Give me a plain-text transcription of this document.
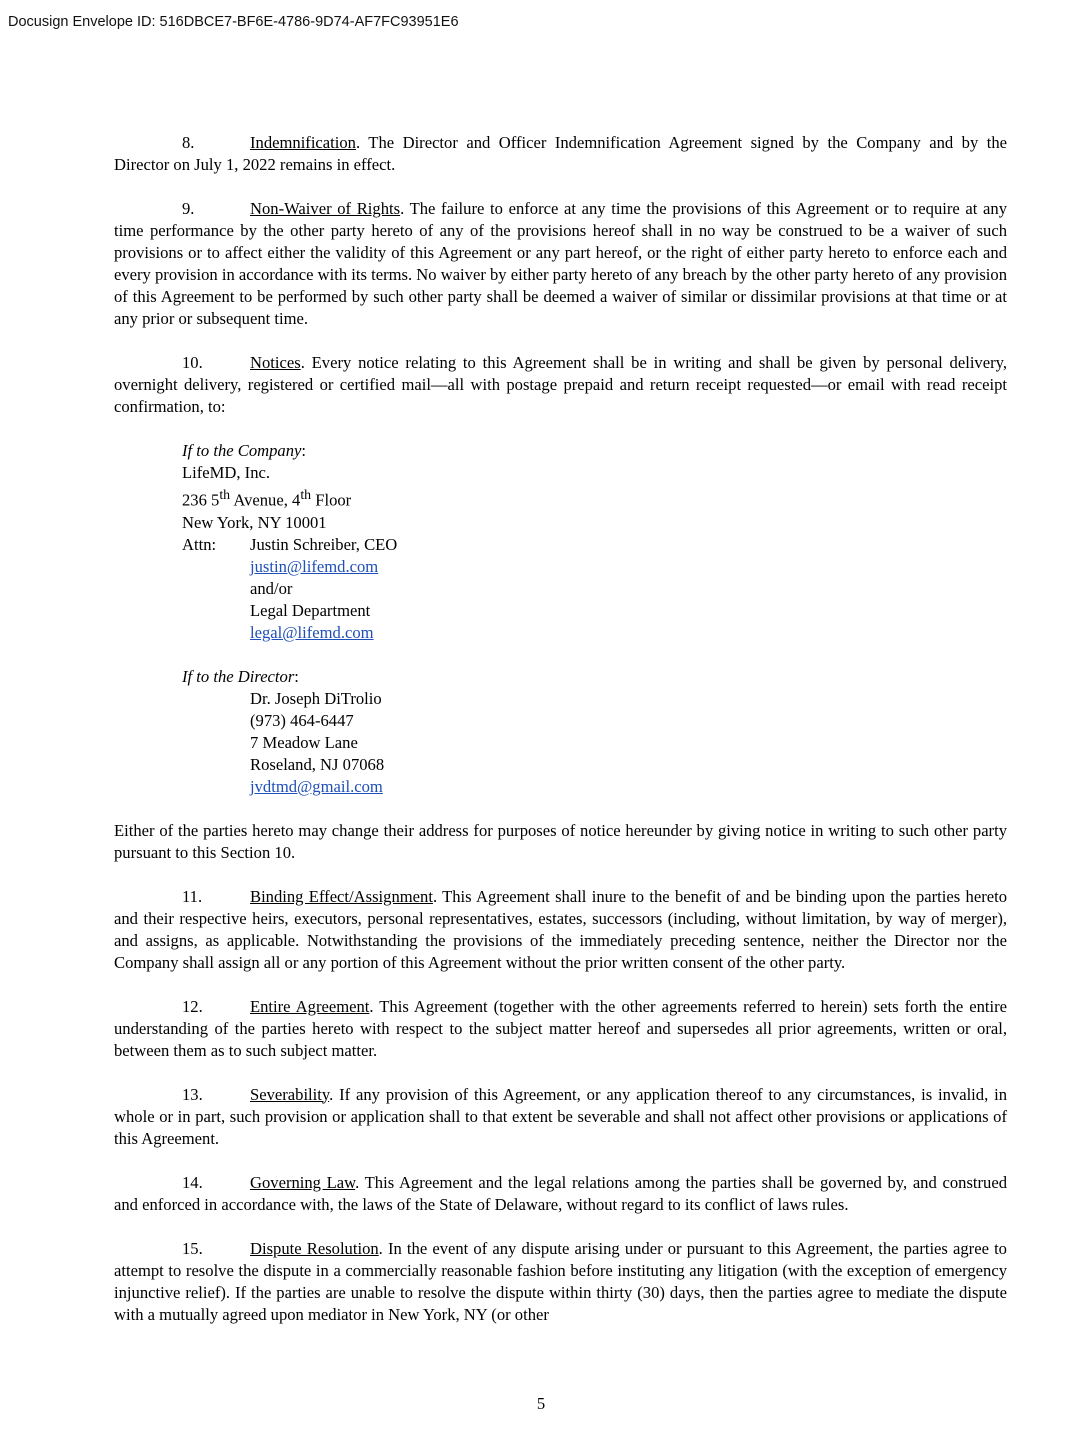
Docusign Envelope ID: 516DBCE7-BF6E-4786-9D74-AF7FC93951E6

8.	Indemnification. The Director and Officer Indemnification Agreement signed by the Company and by the Director on July 1, 2022 remains in effect.

9.	Non-Waiver of Rights. The failure to enforce at any time the provisions of this Agreement or to require at any time performance by the other party hereto of any of the provisions hereof shall in no way be construed to be a waiver of such provisions or to affect either the validity of this Agreement or any part hereof, or the right of either party hereto to enforce each and every provision in accordance with its terms. No waiver by either party hereto of any breach by the other party hereto of any provision of this Agreement to be performed by such other party shall be deemed a waiver of similar or dissimilar provisions at that time or at any prior or subsequent time.

10.	Notices. Every notice relating to this Agreement shall be in writing and shall be given by personal delivery, overnight delivery, registered or certified mail—all with postage prepaid and return receipt requested—or email with read receipt confirmation, to:

If to the Company:
LifeMD, Inc.
236 5th Avenue, 4th Floor
New York, NY 10001
Attn: Justin Schreiber, CEO
justin@lifemd.com
and/or
Legal Department
legal@lifemd.com
If to the Director:
Dr. Joseph DiTrolio
(973) 464-6447
7 Meadow Lane
Roseland, NJ 07068
jvdtmd@gmail.com

Either of the parties hereto may change their address for purposes of notice hereunder by giving notice in writing to such other party pursuant to this Section 10.

11.	Binding Effect/Assignment. This Agreement shall inure to the benefit of and be binding upon the parties hereto and their respective heirs, executors, personal representatives, estates, successors (including, without limitation, by way of merger), and assigns, as applicable. Notwithstanding the provisions of the immediately preceding sentence, neither the Director nor the Company shall assign all or any portion of this Agreement without the prior written consent of the other party.

12.	Entire Agreement. This Agreement (together with the other agreements referred to herein) sets forth the entire understanding of the parties hereto with respect to the subject matter hereof and supersedes all prior agreements, written or oral, between them as to such subject matter.

13.	Severability. If any provision of this Agreement, or any application thereof to any circumstances, is invalid, in whole or in part, such provision or application shall to that extent be severable and shall not affect other provisions or applications of this Agreement.

14.	Governing Law. This Agreement and the legal relations among the parties shall be governed by, and construed and enforced in accordance with, the laws of the State of Delaware, without regard to its conflict of laws rules.

15.	Dispute Resolution. In the event of any dispute arising under or pursuant to this Agreement, the parties agree to attempt to resolve the dispute in a commercially reasonable fashion before instituting any litigation (with the exception of emergency injunctive relief). If the parties are unable to resolve the dispute within thirty (30) days, then the parties agree to mediate the dispute with a mutually agreed upon mediator in New York, NY (or other

5
